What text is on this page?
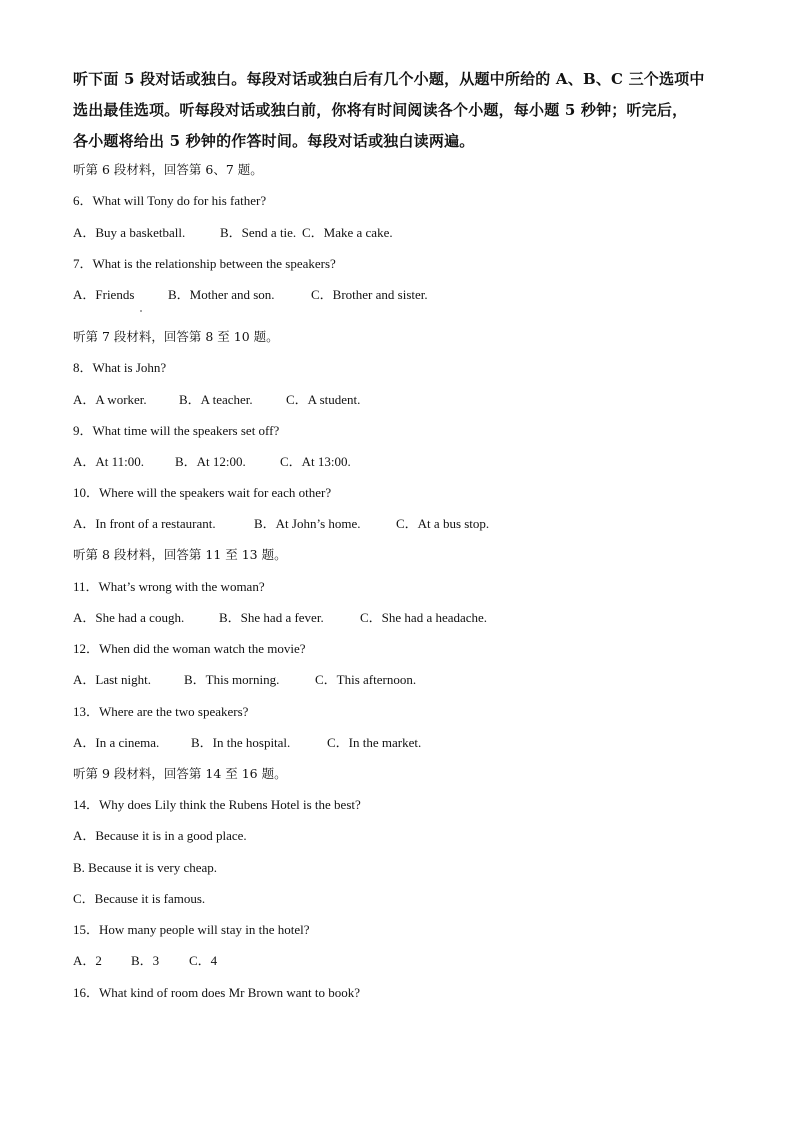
听下面 5 段对话或独白。每段对话或独白后有几个小题，从题中所给的 A、B、C 三个选项中
选出最佳选项。听每段对话或独白前，你将有时间阅读各个小题，每小题 5 秒钟；听完后，
各小题将给出 5 秒钟的作答时间。每段对话或独白读两遍。

听第 6 段材料，回答第 6、7 题。

6．What will Tony do for his father?

A．Buy a basketball.	B．Send a tie. C．Make a cake.

7．What is the relationship between the speakers?

A．Friends	B．Mother and son.	C．Brother and sister.

听第 7 段材料，回答第 8 至 10 题。

8．What is John?

A．A worker. B．A teacher.	C．A student.

9．What time will the speakers set off?

A．At 11:00. B．At 12:00.	C．At 13:00.

10．Where will the speakers wait for each other?

A．In front of a restaurant.	B．At John’s home.	C．At a bus stop.

听第 8 段材料，回答第 11 至 13 题。

11．What’s wrong with the woman?

A．She had a cough.	B．She had a fever.	C．She had a headache.

12．When did the woman watch the movie?

A．Last night.	B．This morning.	C．This afternoon.

13．Where are the two speakers?

A．In a cinema. B．In the hospital.	C．In the market.

听第 9 段材料，回答第 14 至 16 题。

14．Why does Lily think the Rubens Hotel is the best?

A．Because it is in a good place.

B. Because it is very cheap.

C．Because it is famous.

15．How many people will stay in the hotel?

A．2 B．3 C．4

16．What kind of room does Mr Brown want to book?
